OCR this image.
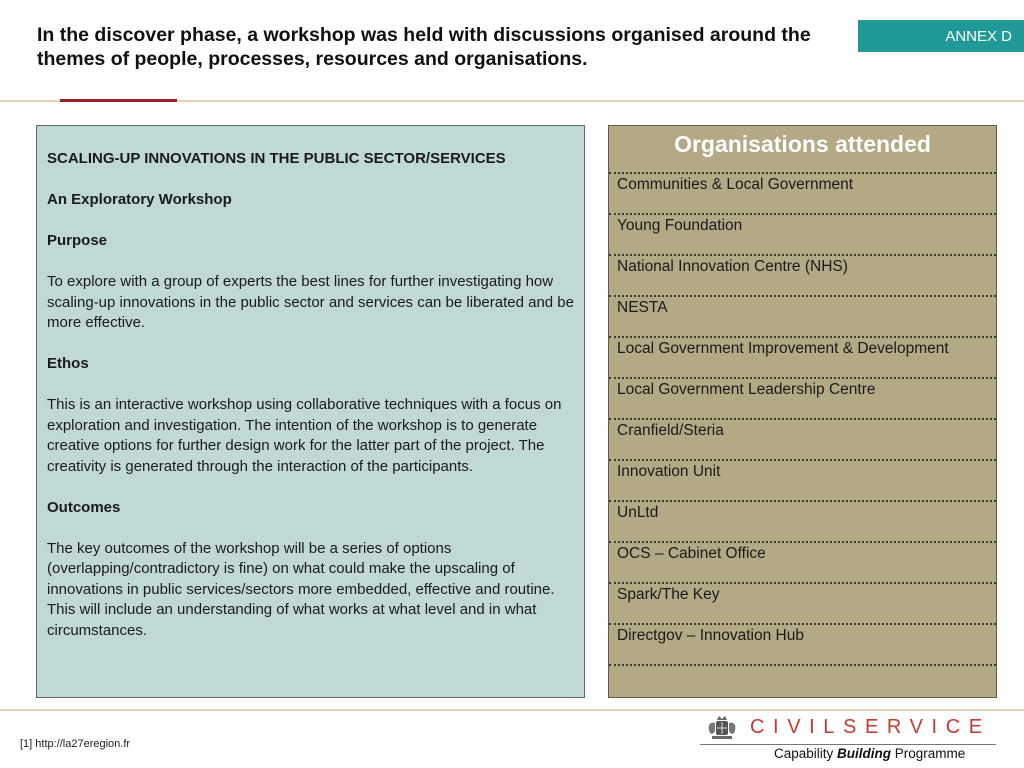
In the discover phase, a workshop was held with discussions organised around the themes of people, processes, resources and organisations.
ANNEX D

SCALING-UP INNOVATIONS IN THE PUBLIC SECTOR/SERVICES

An Exploratory Workshop

Purpose

To explore with a group of experts the best lines for further investigating how scaling-up innovations in the public sector and services can be liberated and be more effective.

Ethos

This is an interactive workshop using collaborative techniques with a focus on exploration and investigation. The intention of the workshop is to generate creative options for further design work for the latter part of the project. The creativity is generated through the interaction of the participants.

Outcomes

The key outcomes of the workshop will be a series of options (overlapping/contradictory is fine) on what could make the upscaling of innovations in public services/sectors more embedded, effective and routine. This will include an understanding of what works at what level and in what circumstances.

Organisations attended
Communities & Local Government
Young Foundation
National Innovation Centre (NHS)
NESTA
Local Government Improvement & Development
Local Government Leadership Centre
Cranfield/Steria
Innovation Unit
UnLtd
OCS – Cabinet Office
Spark/The Key
Directgov – Innovation Hub
[1] http://la27eregion.fr
CIVILSERVICE
Capability Building Programme
